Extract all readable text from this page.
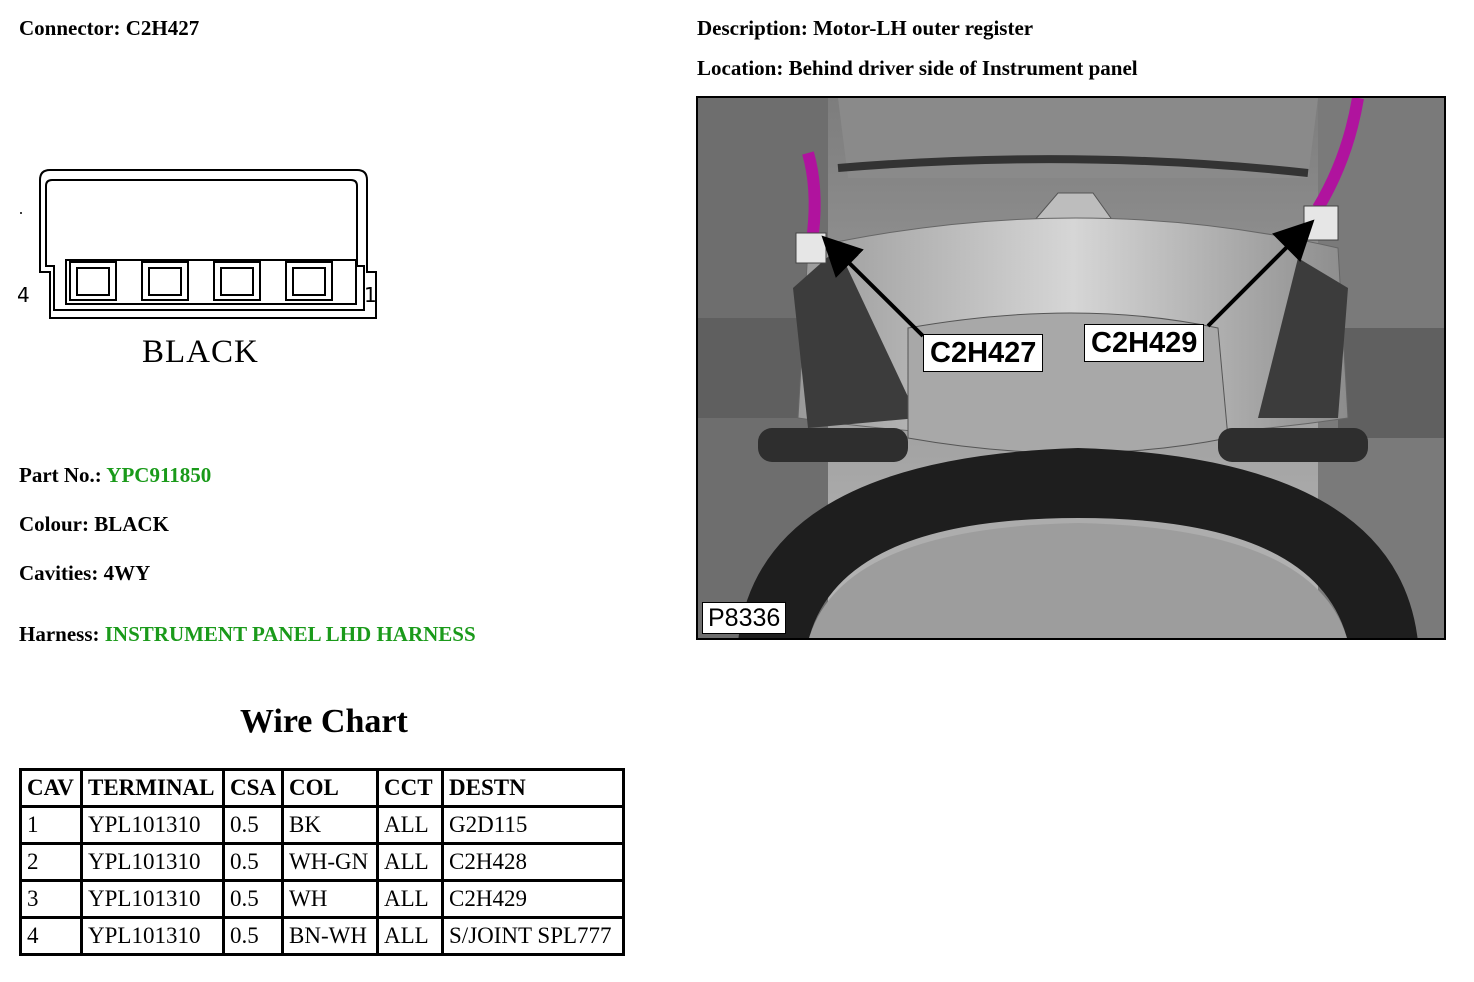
Connector: C2H427	Description: Motor-LH outer register
Location: Behind driver side of Instrument panel
4	1
BLACK
Part No.: YPC911850
Colour: BLACK
Cavities: 4WY
Harness: INSTRUMENT PANEL LHD HARNESS
Wire Chart
CAV	TERMINAL	CSA	COL	CCT	DESTN
1	YPL101310	0.5	BK	ALL	G2D115
2	YPL101310	0.5	WH-GN	ALL	C2H428
3	YPL101310	0.5	WH	ALL	C2H429
4	YPL101310	0.5	BN-WH	ALL	S/JOINT SPL777
C2H427 C2H429
P8336
